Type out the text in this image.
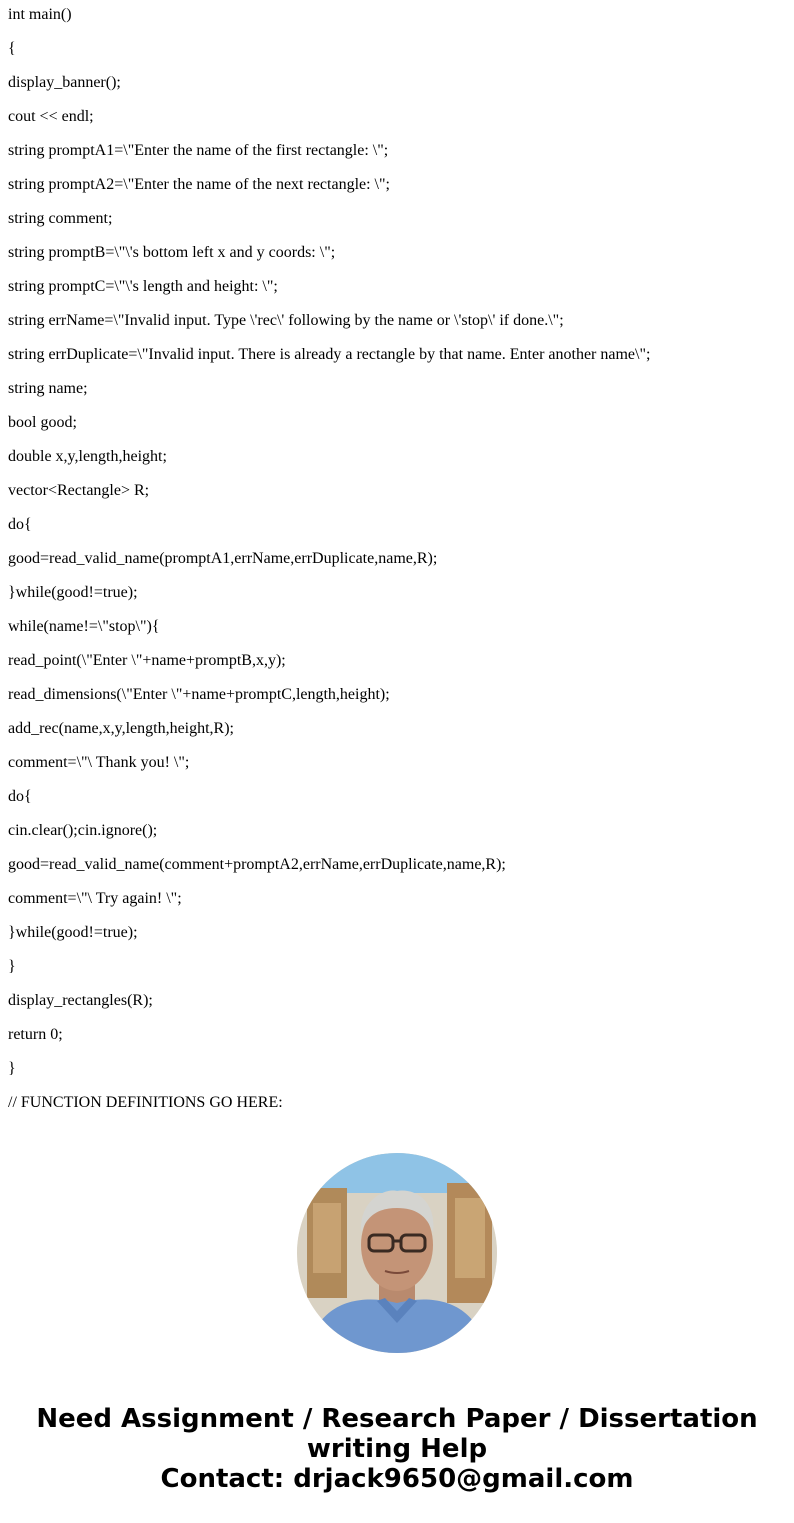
int main()
{
display_banner();
cout << endl;
string promptA1=\"Enter the name of the first rectangle: \";
string promptA2=\"Enter the name of the next rectangle: \";
string comment;
string promptB=\"\'s bottom left x and y coords: \";
string promptC=\"\'s length and height: \";
string errName=\"Invalid input. Type \'rec\' following by the name or \'stop\' if done.\";
string errDuplicate=\"Invalid input. There is already a rectangle by that name. Enter another name\";
string name;
bool good;
double x,y,length,height;
vector<Rectangle> R;
do{
good=read_valid_name(promptA1,errName,errDuplicate,name,R);
}while(good!=true);
while(name!=\"stop\"){
read_point(\"Enter \"+name+promptB,x,y);
read_dimensions(\"Enter \"+name+promptC,length,height);
add_rec(name,x,y,length,height,R);
comment=\"\ Thank you! \";
do{
cin.clear();cin.ignore();
good=read_valid_name(comment+promptA2,errName,errDuplicate,name,R);
comment=\"\ Try again! \";
}while(good!=true);
}
display_rectangles(R);
return 0;
}
// FUNCTION DEFINITIONS GO HERE:
Need Assignment / Research Paper / Dissertation
writing Help
Contact: drjack9650@gmail.com
